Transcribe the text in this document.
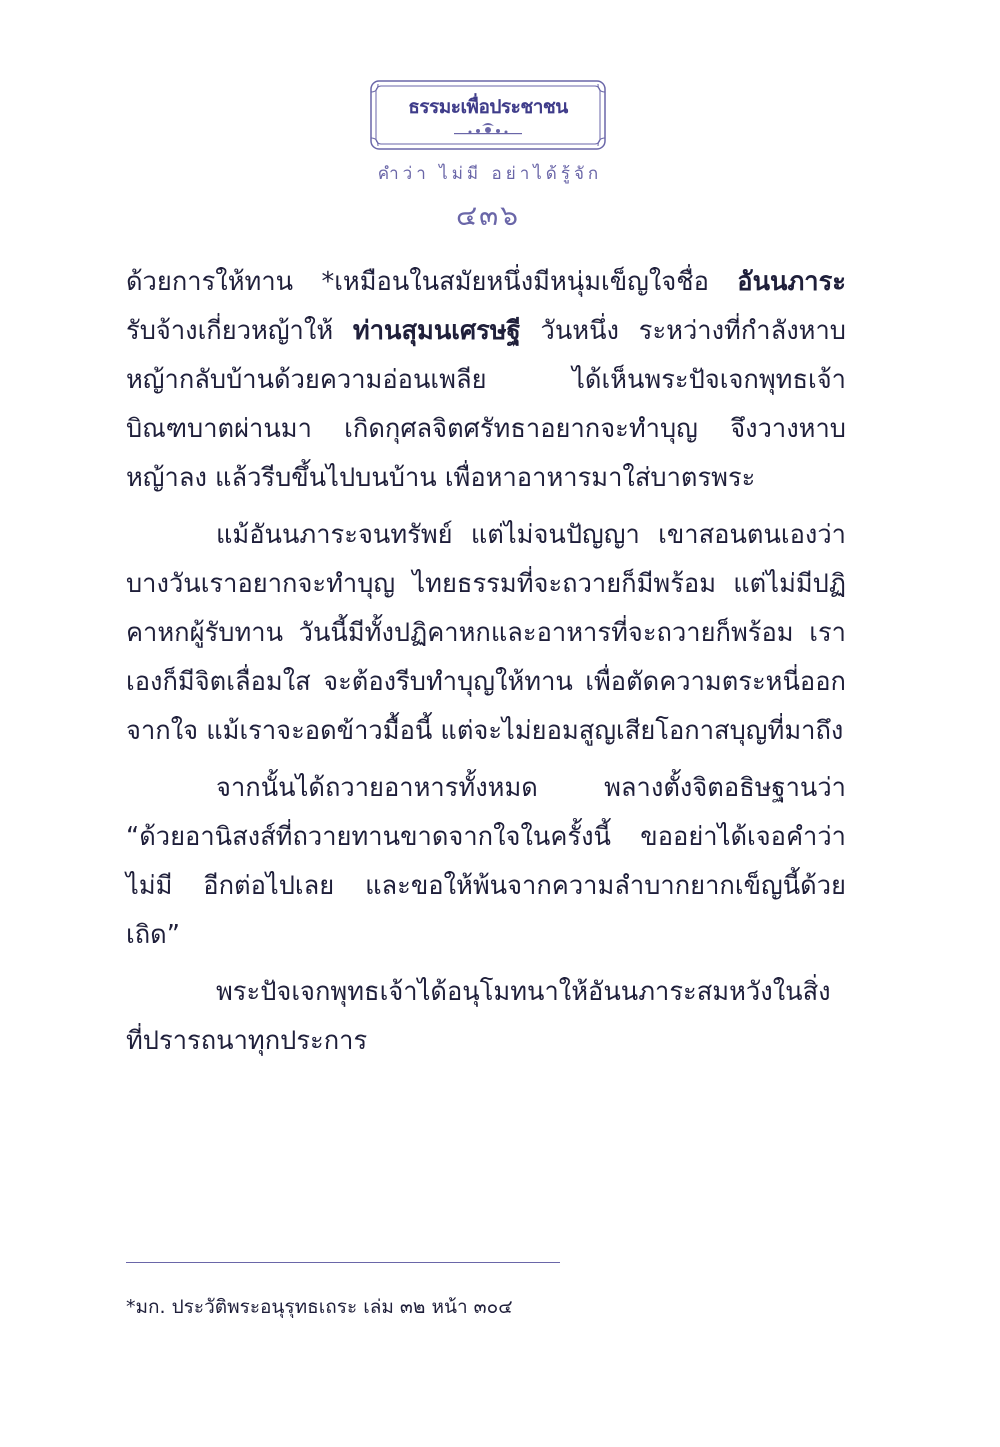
ธรรมะเพื่อประชาชน
คำว่า ไม่มี อย่าได้รู้จัก
๔๓๖

ด้วยการให้ทาน *เหมือนในสมัยหนึ่งมีหนุ่มเข็ญใจชื่อ อันนภาระ รับจ้างเกี่ยวหญ้าให้ ท่านสุมนเศรษฐี วันหนึ่ง ระหว่างที่กำลังหาบหญ้ากลับบ้านด้วยความอ่อนเพลีย ได้เห็นพระปัจเจกพุทธเจ้าบิณฑบาตผ่านมา เกิดกุศลจิตศรัทธาอยากจะทำบุญ จึงวางหาบหญ้าลง แล้วรีบขึ้นไปบนบ้าน เพื่อหาอาหารมาใส่บาตรพระ

แม้อันนภาระจนทรัพย์ แต่ไม่จนปัญญา เขาสอนตนเองว่า บางวันเราอยากจะทำบุญ ไทยธรรมที่จะถวายก็มีพร้อม แต่ไม่มีปฏิคาหกผู้รับทาน วันนี้มีทั้งปฏิคาหกและอาหารที่จะถวายก็พร้อม เราเองก็มีจิตเลื่อมใส จะต้องรีบทำบุญให้ทาน เพื่อตัดความตระหนี่ออกจากใจ แม้เราจะอดข้าวมื้อนี้ แต่จะไม่ยอมสูญเสียโอกาสบุญที่มาถึง

จากนั้นได้ถวายอาหารทั้งหมด พลางตั้งจิตอธิษฐานว่า “ด้วยอานิสงส์ที่ถวายทานขาดจากใจในครั้งนี้ ขออย่าได้เจอคำว่า ไม่มี อีกต่อไปเลย และขอให้พ้นจากความลำบากยากเข็ญนี้ด้วยเถิด”

พระปัจเจกพุทธเจ้าได้อนุโมทนาให้อันนภาระสมหวังในสิ่งที่ปรารถนาทุกประการ

*มก. ประวัติพระอนุรุทธเถระ เล่ม ๓๒ หน้า ๓๐๔
